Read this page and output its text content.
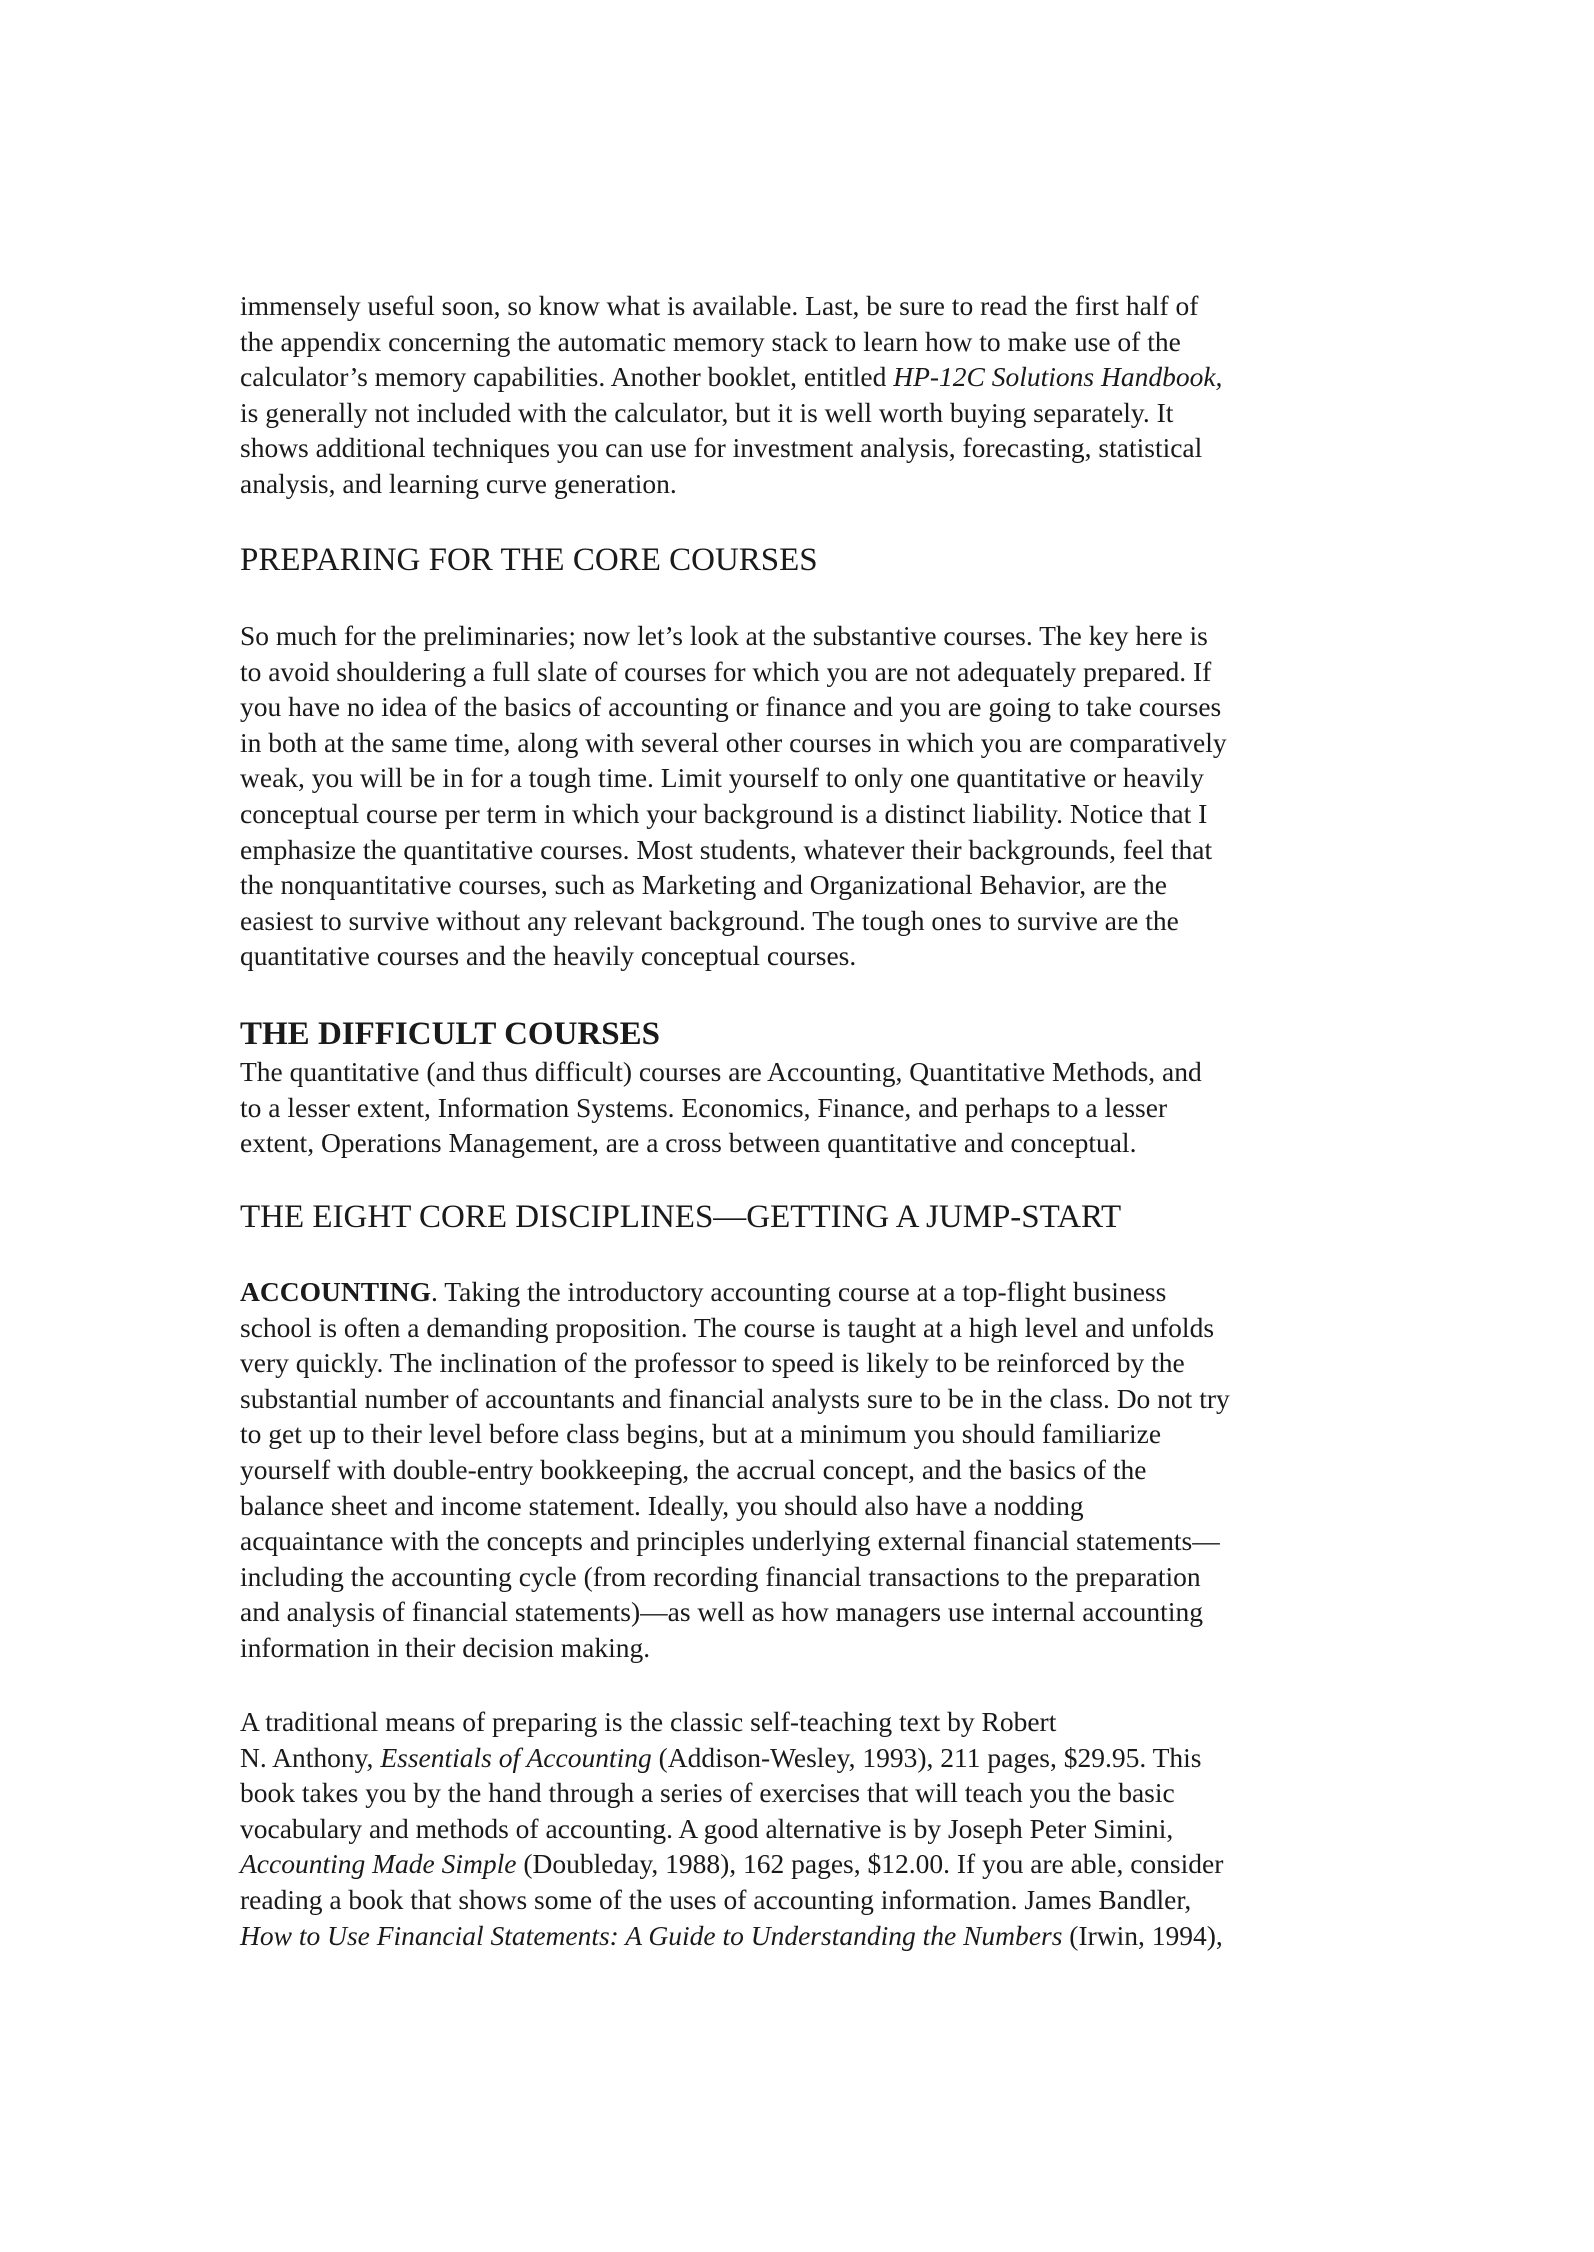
immensely useful soon, so know what is available. Last, be sure to read the first half of
the appendix concerning the automatic memory stack to learn how to make use of the
calculator’s memory capabilities. Another booklet, entitled HP-12C Solutions Handbook,
is generally not included with the calculator, but it is well worth buying separately. It
shows additional techniques you can use for investment analysis, forecasting, statistical
analysis, and learning curve generation.
PREPARING FOR THE CORE COURSES
So much for the preliminaries; now let’s look at the substantive courses. The key here is
to avoid shouldering a full slate of courses for which you are not adequately prepared. If
you have no idea of the basics of accounting or finance and you are going to take courses
in both at the same time, along with several other courses in which you are comparatively
weak, you will be in for a tough time. Limit yourself to only one quantitative or heavily
conceptual course per term in which your background is a distinct liability. Notice that I
emphasize the quantitative courses. Most students, whatever their backgrounds, feel that
the nonquantitative courses, such as Marketing and Organizational Behavior, are the
easiest to survive without any relevant background. The tough ones to survive are the
quantitative courses and the heavily conceptual courses.
THE DIFFICULT COURSES
The quantitative (and thus difficult) courses are Accounting, Quantitative Methods, and
to a lesser extent, Information Systems. Economics, Finance, and perhaps to a lesser
extent, Operations Management, are a cross between quantitative and conceptual.
THE EIGHT CORE DISCIPLINES—GETTING A JUMP-START
ACCOUNTING. Taking the introductory accounting course at a top-flight business
school is often a demanding proposition. The course is taught at a high level and unfolds
very quickly. The inclination of the professor to speed is likely to be reinforced by the
substantial number of accountants and financial analysts sure to be in the class. Do not try
to get up to their level before class begins, but at a minimum you should familiarize
yourself with double-entry bookkeeping, the accrual concept, and the basics of the
balance sheet and income statement. Ideally, you should also have a nodding
acquaintance with the concepts and principles underlying external financial statements—
including the accounting cycle (from recording financial transactions to the preparation
and analysis of financial statements)—as well as how managers use internal accounting
information in their decision making.
A traditional means of preparing is the classic self-teaching text by Robert
N. Anthony, Essentials of Accounting (Addison-Wesley, 1993), 211 pages, $29.95. This
book takes you by the hand through a series of exercises that will teach you the basic
vocabulary and methods of accounting. A good alternative is by Joseph Peter Simini,
Accounting Made Simple (Doubleday, 1988), 162 pages, $12.00. If you are able, consider
reading a book that shows some of the uses of accounting information. James Bandler,
How to Use Financial Statements: A Guide to Understanding the Numbers (Irwin, 1994),
